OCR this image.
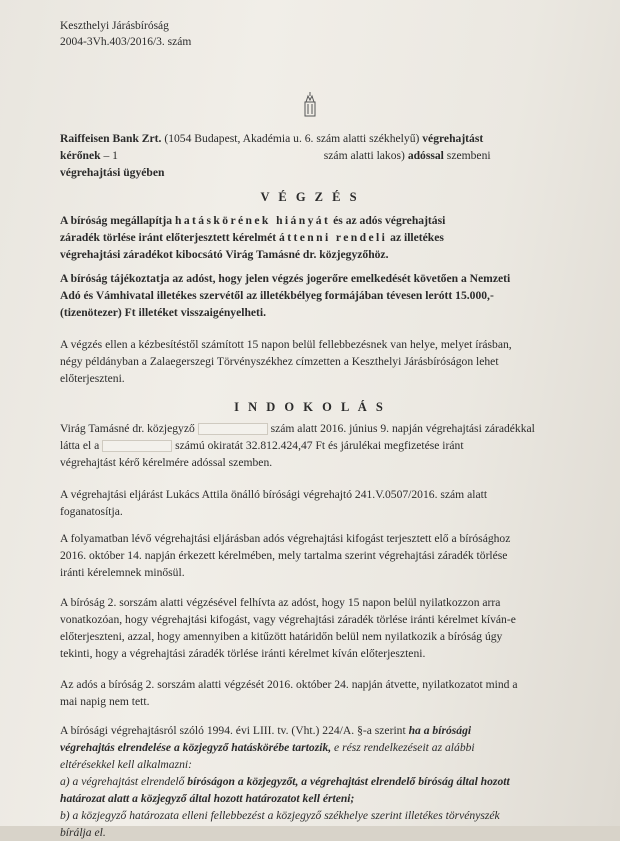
Keszthelyi Járásbíróság
2004-3Vh.403/2016/3. szám
Raiffeisen Bank Zrt. (1054 Budapest, Akadémia u. 6. szám alatti székhelyű) végrehajtást
kérőnek – 1	szám alatti lakos) adóssal szembeni
végrehajtási ügyében
V É G Z É S
A bíróság megállapítja hatáskörének hiányát és az adós végrehajtási
záradék törlése iránt előterjesztett kérelmét áttenni rendeli az illetékes
végrehajtási záradékot kibocsátó Virág Tamásné dr. közjegyzőhöz.
A bíróság tájékoztatja az adóst, hogy jelen végzés jogerőre emelkedését követően a Nemzeti
Adó és Vámhivatal illetékes szervétől az illetékbélyeg formájában tévesen lerótt 15.000,-
(tizenötezer) Ft illetéket visszaigényelheti.
A végzés ellen a kézbesítéstől számított 15 napon belül fellebbezésnek van helye, melyet írásban,
négy példányban a Zalaegerszegi Törvényszékhez címzetten a Keszthelyi Járásbíróságon lehet
előterjeszteni.
I N D O K O L Á S
Virág Tamásné dr. közjegyző	szám alatt 2016. június 9. napján végrehajtási záradékkal
látta el a	számú okiratát 32.812.424,47 Ft és járulékai megfizetése iránt
végrehajtást kérő kérelmére adóssal szemben.
A végrehajtási eljárást Lukács Attila önálló bírósági végrehajtó 241.V.0507/2016. szám alatt
foganatosítja.
A folyamatban lévő végrehajtási eljárásban adós végrehajtási kifogást terjesztett elő a bírósághoz
2016. október 14. napján érkezett kérelmében, mely tartalma szerint végrehajtási záradék törlése
iránti kérelemnek minősül.
A bíróság 2. sorszám alatti végzésével felhívta az adóst, hogy 15 napon belül nyilatkozzon arra
vonatkozóan, hogy végrehajtási kifogást, vagy végrehajtási záradék törlése iránti kérelmet kíván-e
előterjeszteni, azzal, hogy amennyiben a kitűzött határidőn belül nem nyilatkozik a bíróság úgy
tekinti, hogy a végrehajtási záradék törlése iránti kérelmet kíván előterjeszteni.
Az adós a bíróság 2. sorszám alatti végzését 2016. október 24. napján átvette, nyilatkozatot mind a
mai napig nem tett.
A bírósági végrehajtásról szóló 1994. évi LIII. tv. (Vht.) 224/A. §-a szerint ha a bírósági
végrehajtás elrendelése a közjegyző hatáskörébe tartozik, e rész rendelkezéseit az alábbi
eltérésekkel kell alkalmazni:
a) a végrehajtást elrendelő bíróságon a közjegyzőt, a végrehajtást elrendelő bíróság által hozott
határozat alatt a közjegyző által hozott határozatot kell érteni;
b) a közjegyző határozata elleni fellebbezést a közjegyző székhelye szerint illetékes törvényszék
bírálja el.
